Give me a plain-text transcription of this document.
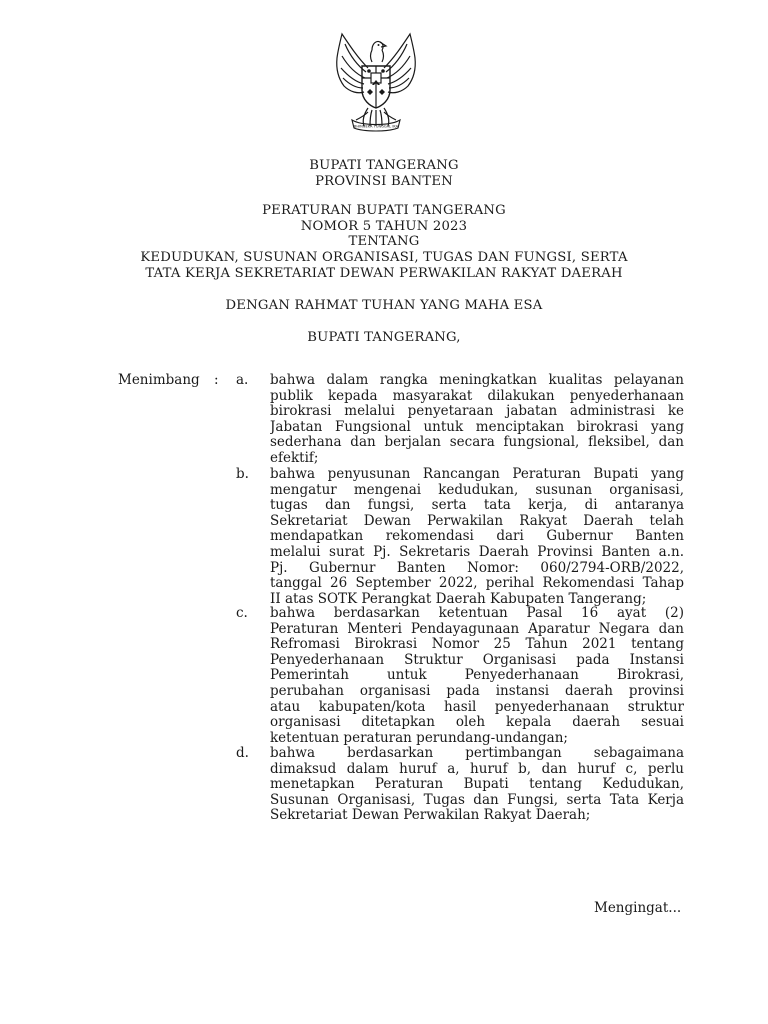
BHINNEKA TUNGGAL IKA
BUPATI TANGERANG
PROVINSI BANTEN
PERATURAN BUPATI TANGERANG
NOMOR 5 TAHUN 2023
TENTANG
KEDUDUKAN, SUSUNAN ORGANISASI, TUGAS DAN FUNGSI, SERTA
TATA KERJA SEKRETARIAT DEWAN PERWAKILAN RAKYAT DAERAH
DENGAN RAHMAT TUHAN YANG MAHA ESA
BUPATI TANGERANG,
Menimbang : a. bahwa dalam rangka meningkatkan kualitas pelayanan
publik kepada masyarakat dilakukan penyederhanaan
birokrasi melalui penyetaraan jabatan administrasi ke
Jabatan Fungsional untuk menciptakan birokrasi yang
sederhana dan berjalan secara fungsional, fleksibel, dan
efektif;
b. bahwa penyusunan Rancangan Peraturan Bupati yang
mengatur mengenai kedudukan, susunan organisasi,
tugas dan fungsi, serta tata kerja, di antaranya
Sekretariat Dewan Perwakilan Rakyat Daerah telah
mendapatkan rekomendasi dari Gubernur Banten
melalui surat Pj. Sekretaris Daerah Provinsi Banten a.n.
Pj. Gubernur Banten Nomor: 060/2794-ORB/2022,
tanggal 26 September 2022, perihal Rekomendasi Tahap
II atas SOTK Perangkat Daerah Kabupaten Tangerang;
c. bahwa berdasarkan ketentuan Pasal 16 ayat (2)
Peraturan Menteri Pendayagunaan Aparatur Negara dan
Refromasi Birokrasi Nomor 25 Tahun 2021 tentang
Penyederhanaan Struktur Organisasi pada Instansi
Pemerintah untuk Penyederhanaan Birokrasi,
perubahan organisasi pada instansi daerah provinsi
atau kabupaten/kota hasil penyederhanaan struktur
organisasi ditetapkan oleh kepala daerah sesuai
ketentuan peraturan perundang-undangan;
d. bahwa berdasarkan pertimbangan sebagaimana
dimaksud dalam huruf a, huruf b, dan huruf c, perlu
menetapkan Peraturan Bupati tentang Kedudukan,
Susunan Organisasi, Tugas dan Fungsi, serta Tata Kerja
Sekretariat Dewan Perwakilan Rakyat Daerah;
Mengingat...
